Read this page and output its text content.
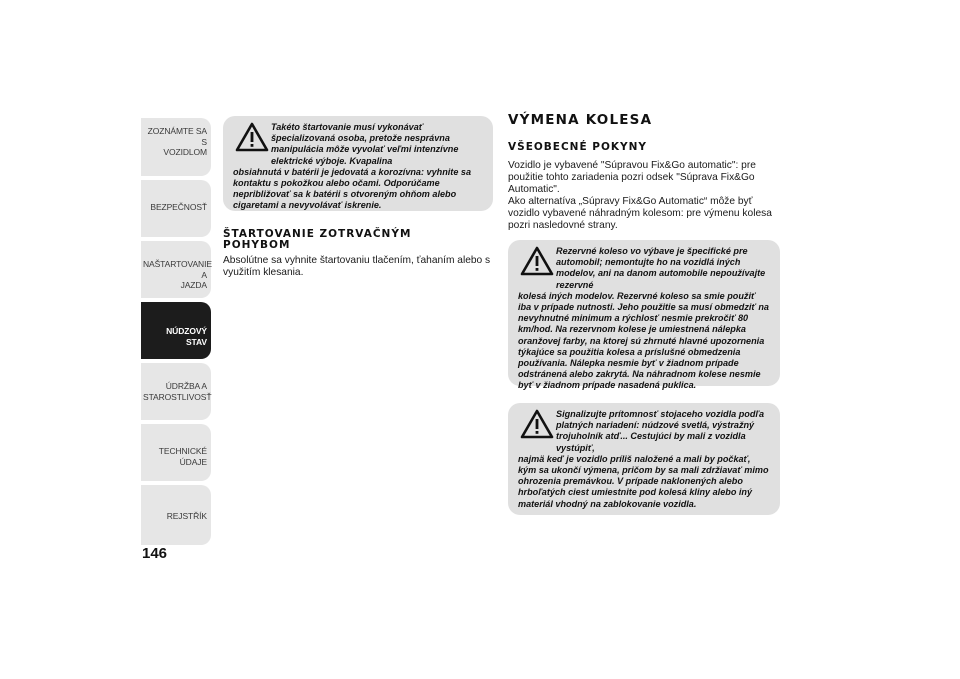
ZOZNÁMTE SA S
VOZIDLOM
BEZPEČNOSŤ
NAŠTARTOVANIE A
JAZDA
NÚDZOVÝ STAV
ÚDRŽBA A
STAROSTLIVOSŤ
TECHNICKÉ ÚDAJE
REJSTŘÍK
146

Takéto štartovanie musí vykonávať špecializovaná osoba, pretože nesprávna manipulácia môže vyvolať veľmi intenzívne elektrické výboje. Kvapalina

obsiahnutá v batérii je jedovatá a korozívna: vyhnite sa kontaktu s pokožkou alebo očami. Odporúčame nepribližovať sa k batérii s otvoreným ohňom alebo cigaretami a nevyvolávať iskrenie.

ŠTARTOVANIE ZOTRVAČNÝM POHYBOM

Absolútne sa vyhnite štartovaniu tlačením, ťahaním alebo s využitím klesania.

VÝMENA KOLESA
VŠEOBECNÉ POKYNY

Vozidlo je vybavené "Súpravou Fix&Go automatic": pre použitie tohto zariadenia pozri odsek "Súprava Fix&Go Automatic".

Ako alternatíva „Súpravy Fix&Go Automatic“ môže byť vozidlo vybavené náhradným kolesom: pre výmenu kolesa pozri nasledovné strany.

Rezervné koleso vo výbave je špecifické pre automobil; nemontujte ho na vozidlá iných modelov, ani na danom automobile nepoužívajte rezervné

kolesá iných modelov. Rezervné koleso sa smie použiť iba v prípade nutnosti. Jeho použitie sa musí obmedziť na nevyhnutné minimum a rýchlosť nesmie prekročiť 80 km/hod. Na rezervnom kolese je umiestnená nálepka oranžovej farby, na ktorej sú zhrnuté hlavné upozornenia týkajúce sa použitia kolesa a príslušné obmedzenia používania. Nálepka nesmie byť v žiadnom prípade odstránená alebo zakrytá. Na náhradnom kolese nesmie byť v žiadnom prípade nasadená puklica.

Signalizujte prítomnosť stojaceho vozidla podľa platných nariadení: núdzové svetlá, výstražný trojuholník atď... Cestujúci by mali z vozidla vystúpiť,

najmä keď je vozidlo príliš naložené a mali by počkať, kým sa ukončí výmena, pričom by sa mali zdržiavať mimo ohrozenia premávkou. V prípade naklonených alebo hrboľatých ciest umiestnite pod kolesá kliny alebo iný materiál vhodný na zablokovanie vozidla.
